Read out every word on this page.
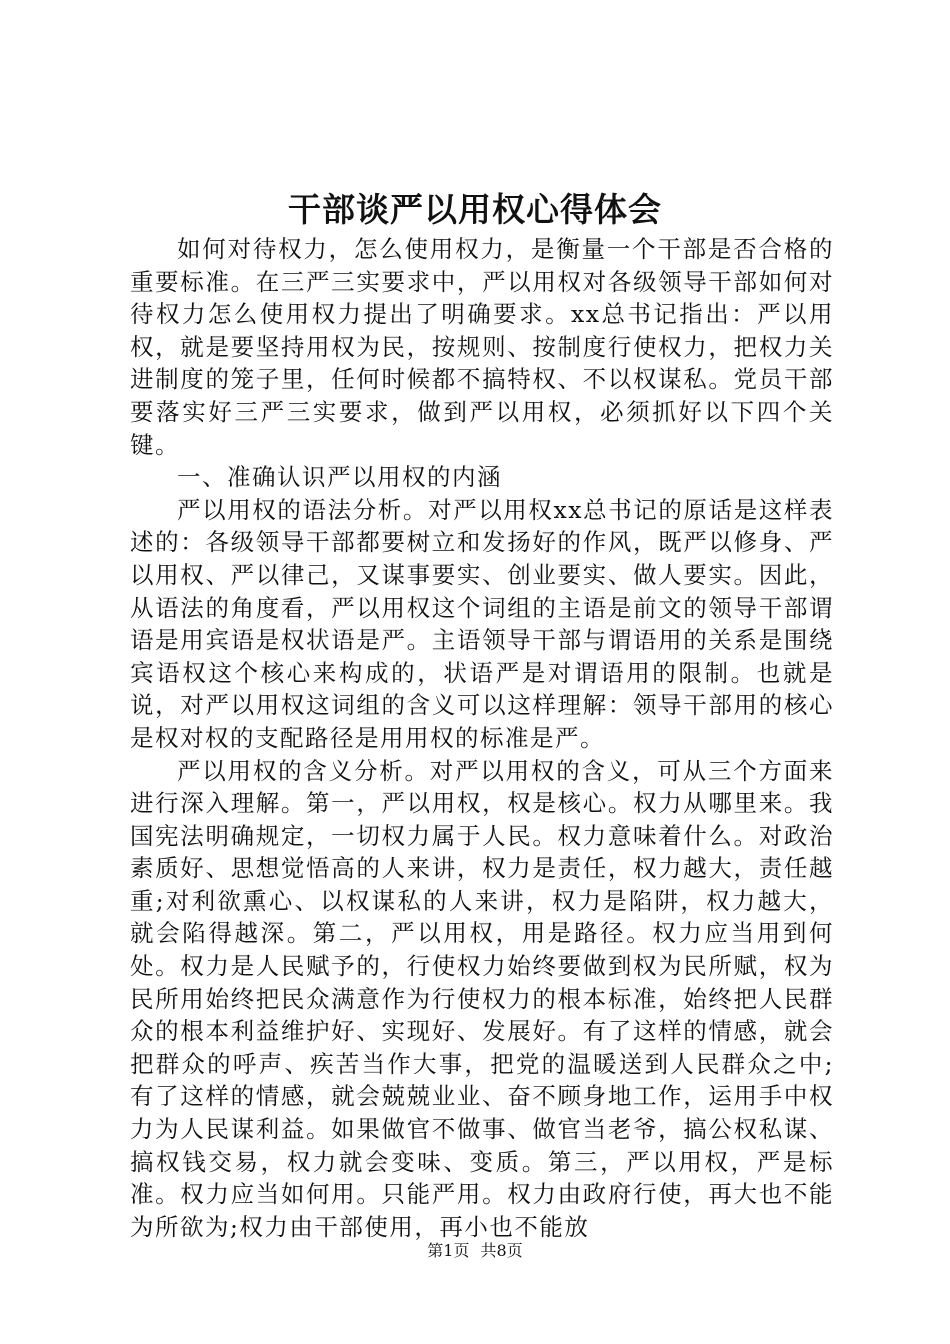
干部谈严以用权心得体会

如何对待权力，怎么使用权力，是衡量一个干部是否合格的重要标准。在三严三实要求中，严以用权对各级领导干部如何对待权力怎么使用权力提出了明确要求。xx总书记指出：严以用权，就是要坚持用权为民，按规则、按制度行使权力，把权力关进制度的笼子里，任何时候都不搞特权、不以权谋私。党员干部要落实好三严三实要求，做到严以用权，必须抓好以下四个关键。

一、准确认识严以用权的内涵

严以用权的语法分析。对严以用权xx总书记的原话是这样表述的：各级领导干部都要树立和发扬好的作风，既严以修身、严以用权、严以律己，又谋事要实、创业要实、做人要实。因此，从语法的角度看，严以用权这个词组的主语是前文的领导干部谓语是用宾语是权状语是严。主语领导干部与谓语用的关系是围绕宾语权这个核心来构成的，状语严是对谓语用的限制。也就是说，对严以用权这词组的含义可以这样理解：领导干部用的核心是权对权的支配路径是用用权的标准是严。

严以用权的含义分析。对严以用权的含义，可从三个方面来进行深入理解。第一，严以用权，权是核心。权力从哪里来。我国宪法明确规定，一切权力属于人民。权力意味着什么。对政治素质好、思想觉悟高的人来讲，权力是责任，权力越大，责任越重;对利欲熏心、以权谋私的人来讲，权力是陷阱，权力越大，就会陷得越深。第二，严以用权，用是路径。权力应当用到何处。权力是人民赋予的，行使权力始终要做到权为民所赋，权为民所用始终把民众满意作为行使权力的根本标准，始终把人民群众的根本利益维护好、实现好、发展好。有了这样的情感，就会把群众的呼声、疾苦当作大事，把党的温暖送到人民群众之中;有了这样的情感，就会兢兢业业、奋不顾身地工作，运用手中权力为人民谋利益。如果做官不做事、做官当老爷，搞公权私谋、搞权钱交易，权力就会变味、变质。第三，严以用权，严是标准。权力应当如何用。只能严用。权力由政府行使，再大也不能为所欲为;权力由干部使用，再小也不能放

第1页 共8页
